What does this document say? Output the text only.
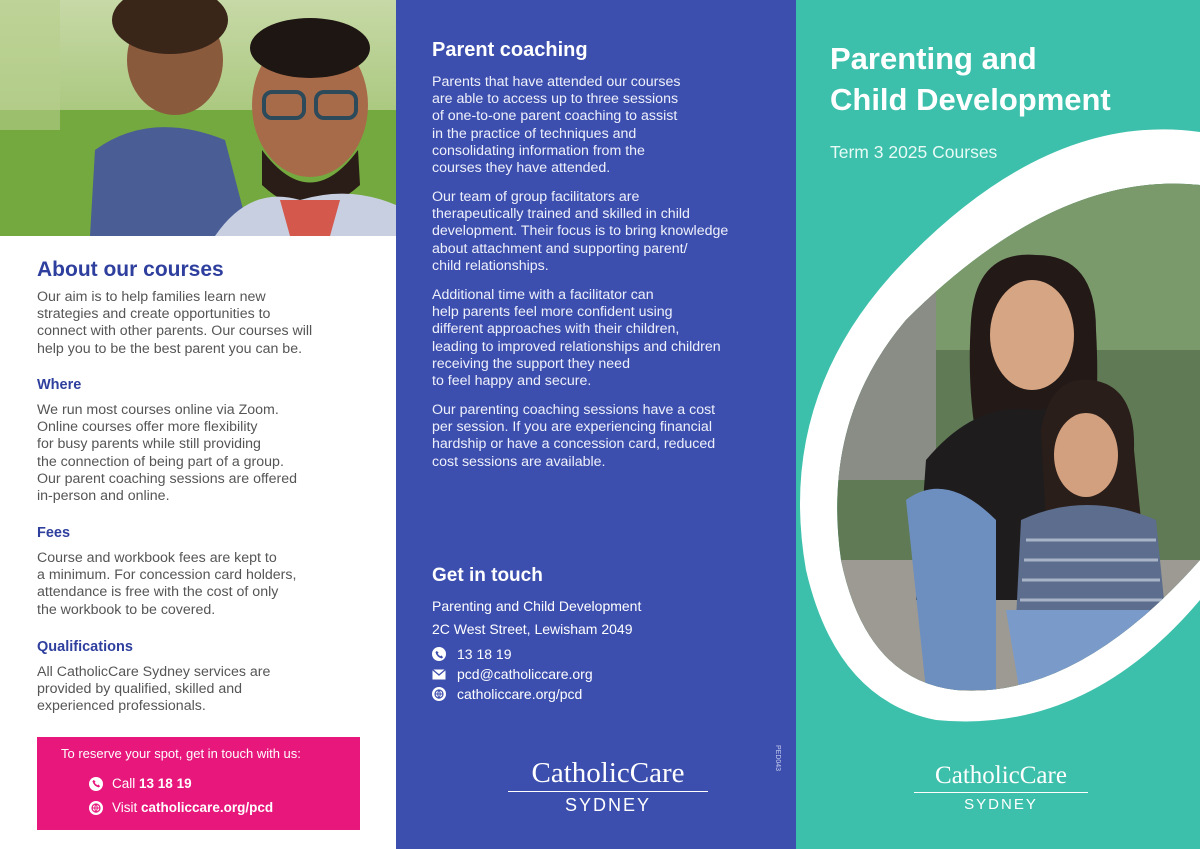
About our courses
Our aim is to help families learn new
strategies and create opportunities to
connect with other parents. Our courses will
help you to be the best parent you can be.
Where
We run most courses online via Zoom.
Online courses offer more flexibility
for busy parents while still providing
the connection of being part of a group.
Our parent coaching sessions are offered
in-person and online.
Fees
Course and workbook fees are kept to
a minimum. For concession card holders,
attendance is free with the cost of only
the workbook to be covered.
Qualifications
All CatholicCare Sydney services are
provided by qualified, skilled and
experienced professionals.
To reserve your spot, get in touch with us:
Call 13 18 19
Visit catholiccare.org/pcd
Parent coaching
Parents that have attended our courses
are able to access up to three sessions
of one-to-one parent coaching to assist
in the practice of techniques and
consolidating information from the
courses they have attended.
Our team of group facilitators are
therapeutically trained and skilled in child
development. Their focus is to bring knowledge
about attachment and supporting parent/
child relationships.
Additional time with a facilitator can
help parents feel more confident using
different approaches with their children,
leading to improved relationships and children
receiving the support they need
to feel happy and secure.
Our parenting coaching sessions have a cost
per session. If you are experiencing financial
hardship or have a concession card, reduced
cost sessions are available.
Get in touch
Parenting and Child Development
2C West Street, Lewisham 2049
13 18 19
pcd@catholiccare.org
catholiccare.org/pcd
PED043
CatholicCare
SYDNEY
Parenting and
Child Development
Term 3 2025 Courses
CatholicCare
SYDNEY
